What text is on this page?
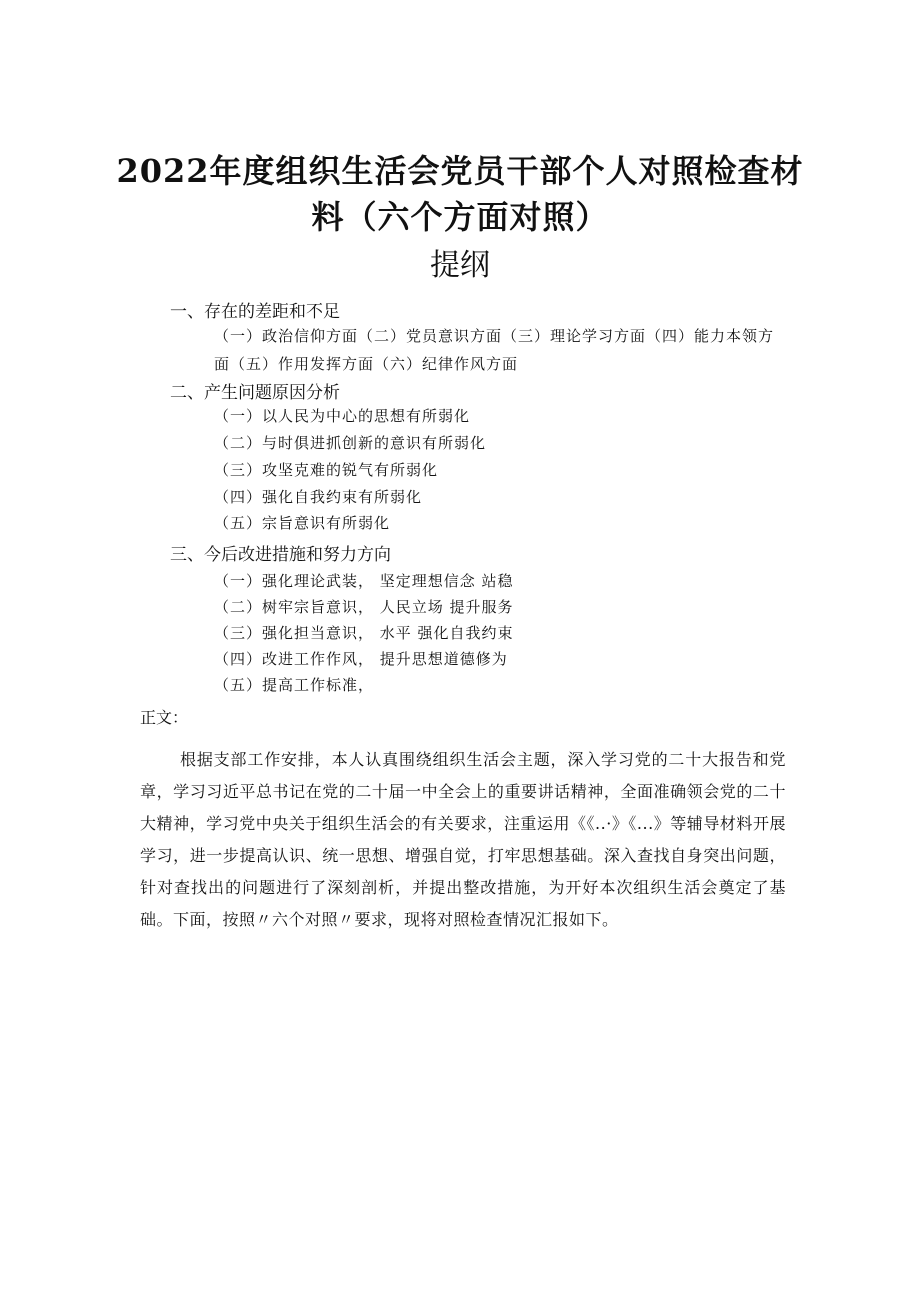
2022年度组织生活会党员干部个人对照检查材
料（六个方面对照）
提纲
一、存在的差距和不足
（一）政治信仰方面（二）党员意识方面（三）理论学习方面（四）能力本领方面（五）作用发挥方面（六）纪律作风方面
二、产生问题原因分析
（一）以人民为中心的思想有所弱化
（二）与时俱进抓创新的意识有所弱化
（三）攻坚克难的锐气有所弱化
（四）强化自我约束有所弱化
（五）宗旨意识有所弱化
三、今后改进措施和努力方向
（一）强化理论武装， 坚定理想信念 站稳
（二）树牢宗旨意识， 人民立场 提升服务
（三）强化担当意识， 水平 强化自我约束
（四）改进工作作风， 提升思想道德修为
（五）提高工作标准，
正文：
根据支部工作安排，本人认真围绕组织生活会主题，深入学习党的二十大报告和党章，学习习近平总书记在党的二十届一中全会上的重要讲话精神，全面准确领会党的二十大精神，学习党中央关于组织生活会的有关要求，注重运用《《..·》《...》等辅导材料开展学习，进一步提高认识、统一思想、增强自觉，打牢思想基础。深入查找自身突出问题，针对查找出的问题进行了深刻剖析，并提出整改措施，为开好本次组织生活会奠定了基础。下面，按照〃六个对照〃要求，现将对照检查情况汇报如下。
